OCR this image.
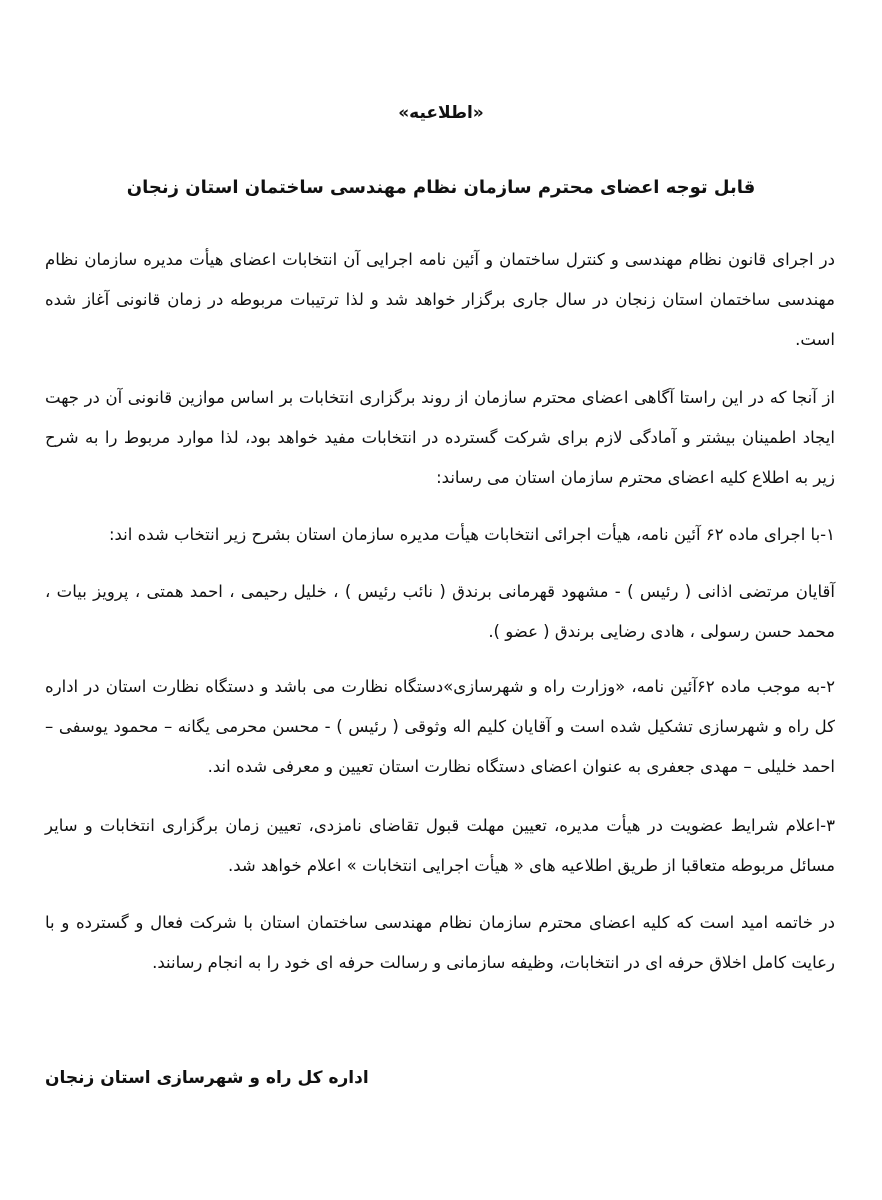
«اطلاعیه»
قابل توجه اعضای محترم سازمان نظام مهندسی ساختمان استان زنجان

در اجرای قانون نظام مهندسی و کنترل ساختمان و آئین نامه اجرایی آن انتخابات اعضای هیأت مدیره سازمان نظام مهندسی ساختمان استان زنجان در سال جاری برگزار خواهد شد و لذا ترتیبات مربوطه در زمان قانونی آغاز شده است.

از آنجا که در این راستا آگاهی اعضای محترم سازمان از روند برگزاری انتخابات بر اساس موازین قانونی آن در جهت ایجاد اطمینان بیشتر و آمادگی لازم برای شرکت گسترده در انتخابات مفید خواهد بود، لذا موارد مربوط را به شرح زیر به اطلاع کلیه اعضای محترم سازمان استان می رساند:

۱-با اجرای ماده ۶۲ آئین نامه، هیأت اجرائی انتخابات هیأت مدیره سازمان استان بشرح زیر انتخاب شده اند:

آقایان مرتضی اذانی ( رئیس ) - مشهود قهرمانی برندق ( نائب رئیس ) ، خلیل رحیمی ، احمد همتی ، پرویز بیات ، محمد حسن رسولی ، هادی رضایی برندق ( عضو ).

۲-به موجب ماده ۶۲آئین نامه، «وزارت راه و شهرسازی»دستگاه نظارت می باشد و دستگاه نظارت استان در اداره کل راه و شهرسازی تشکیل شده است و آقایان کلیم اله وثوقی ( رئیس ) - محسن محرمی یگانه – محمود یوسفی – احمد خلیلی – مهدی جعفری به عنوان اعضای دستگاه نظارت استان تعیین و معرفی شده اند.

۳-اعلام شرایط عضویت در هیأت مدیره، تعیین مهلت قبول تقاضای نامزدی، تعیین زمان برگزاری انتخابات و سایر مسائل مربوطه متعاقبا از طریق اطلاعیه های « هیأت اجرایی انتخابات » اعلام خواهد شد.

در خاتمه امید است که کلیه اعضای محترم سازمان نظام مهندسی ساختمان استان با شرکت فعال و گسترده و با رعایت کامل اخلاق حرفه ای در انتخابات، وظیفه سازمانی و رسالت حرفه ای خود را به انجام رسانند.

اداره کل راه و شهرسازی استان زنجان
